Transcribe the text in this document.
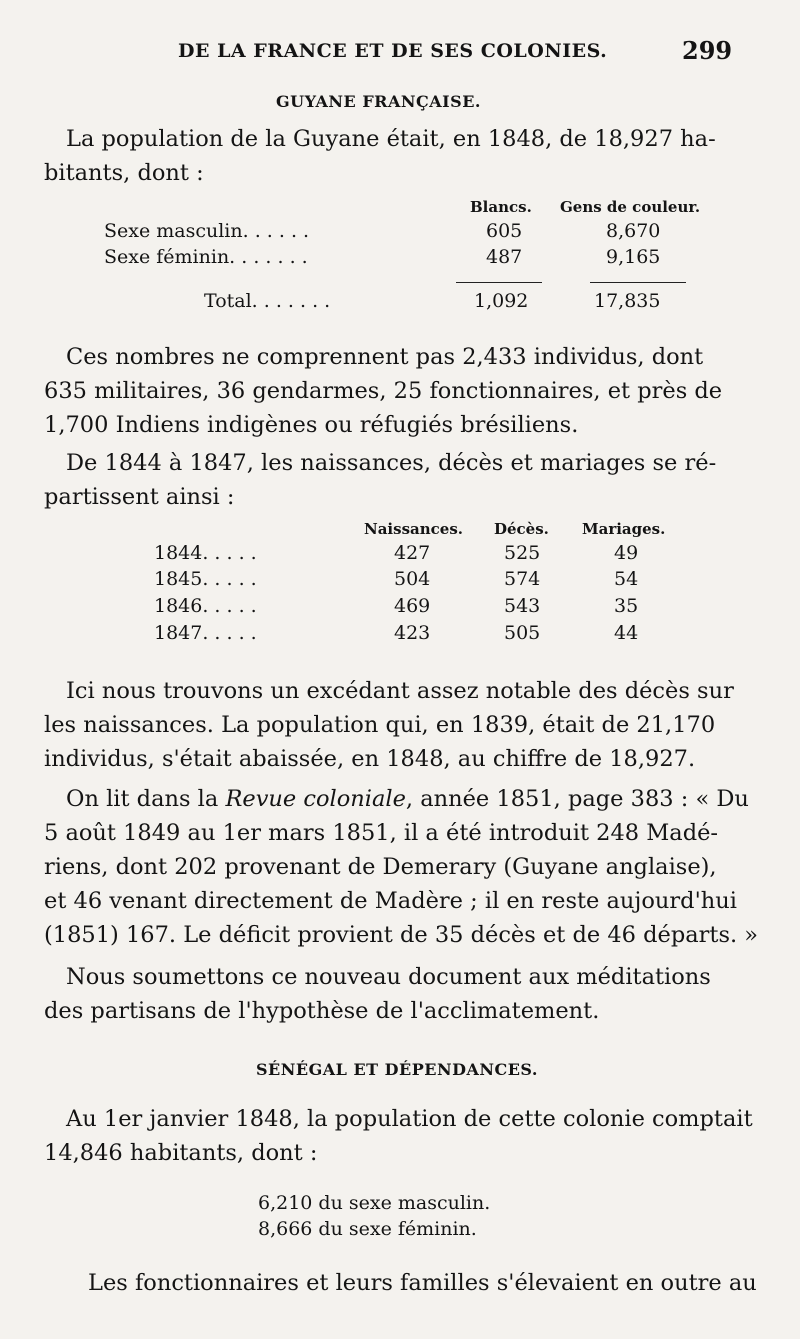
DE LA FRANCE ET DE SES COLONIES.	299
GUYANE FRANÇAISE.
La population de la Guyane était, en 1848, de 18,927 ha-
bitants, dont :
Blancs. Gens de couleur.
Sexe masculin. . . . . .	605	8,670
Sexe féminin. . . . . . .	487	9,165
Total. . . . . . .	1,092	17,835
Ces nombres ne comprennent pas 2,433 individus, dont
635 militaires, 36 gendarmes, 25 fonctionnaires, et près de
1,700 Indiens indigènes ou réfugiés brésiliens.
De 1844 à 1847, les naissances, décès et mariages se ré-
partissent ainsi :
Naissances. Décès. Mariages.
1844. . . . .	427	525	49
1845. . . . .	504	574	54
1846. . . . .	469	543	35
1847. . . . .	423	505	44
Ici nous trouvons un excédant assez notable des décès sur
les naissances. La population qui, en 1839, était de 21,170
individus, s'était abaissée, en 1848, au chiffre de 18,927.
On lit dans la Revue coloniale, année 1851, page 383 : « Du
5 août 1849 au 1er mars 1851, il a été introduit 248 Madé-
riens, dont 202 provenant de Demerary (Guyane anglaise),
et 46 venant directement de Madère ; il en reste aujourd'hui
(1851) 167. Le déficit provient de 35 décès et de 46 départs. »
Nous soumettons ce nouveau document aux méditations
des partisans de l'hypothèse de l'acclimatement.
SÉNÉGAL ET DÉPENDANCES.
Au 1er janvier 1848, la population de cette colonie comptait
14,846 habitants, dont :
6,210 du sexe masculin.
8,666 du sexe féminin.
Les fonctionnaires et leurs familles s'élevaient en outre au
